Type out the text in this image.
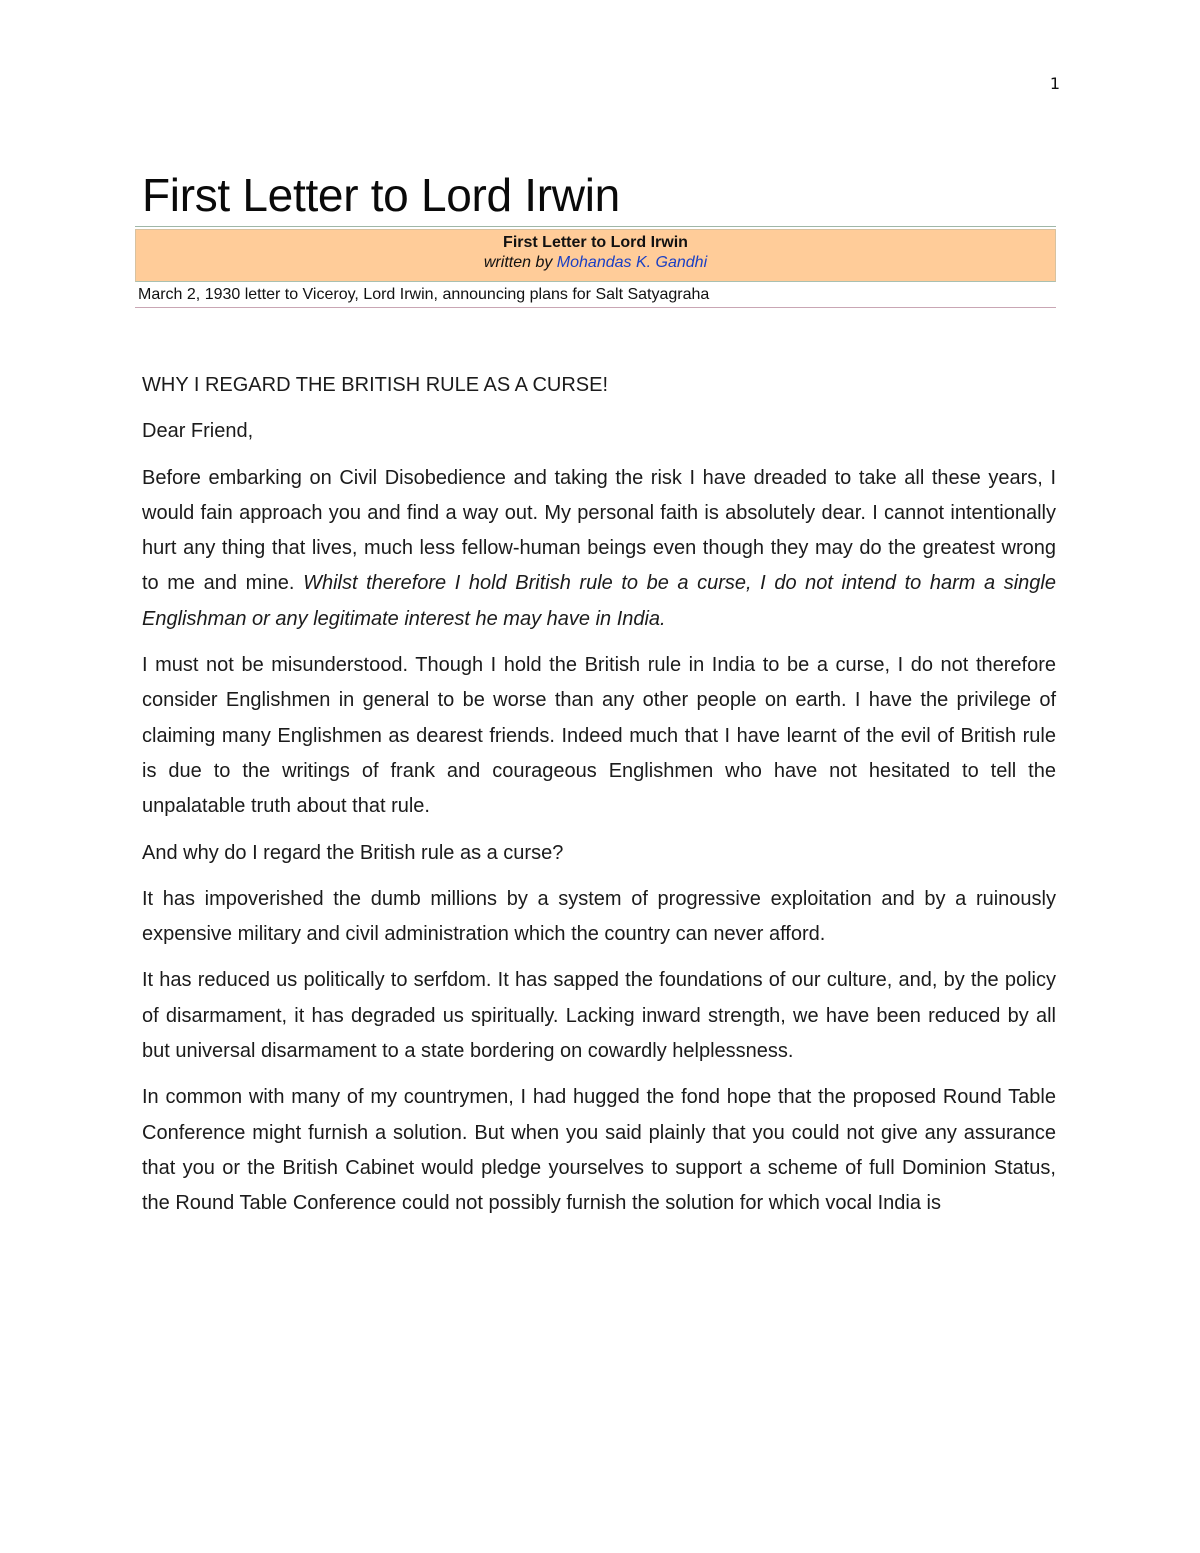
1
First Letter to Lord Irwin
First Letter to Lord Irwin
written by Mohandas K. Gandhi
March 2, 1930 letter to Viceroy, Lord Irwin, announcing plans for Salt Satyagraha

WHY I REGARD THE BRITISH RULE AS A CURSE!

Dear Friend,

Before embarking on Civil Disobedience and taking the risk I have dreaded to take all these years, I would fain approach you and find a way out. My personal faith is absolutely dear. I cannot intentionally hurt any thing that lives, much less fellow-human beings even though they may do the greatest wrong to me and mine. Whilst therefore I hold British rule to be a curse, I do not intend to harm a single Englishman or any legitimate interest he may have in India.

I must not be misunderstood. Though I hold the British rule in India to be a curse, I do not therefore consider Englishmen in general to be worse than any other people on earth. I have the privilege of claiming many Englishmen as dearest friends. Indeed much that I have learnt of the evil of British rule is due to the writings of frank and courageous Englishmen who have not hesitated to tell the unpalatable truth about that rule.

And why do I regard the British rule as a curse?

It has impoverished the dumb millions by a system of progressive exploitation and by a ruinously expensive military and civil administration which the country can never afford.

It has reduced us politically to serfdom. It has sapped the foundations of our culture, and, by the policy of disarmament, it has degraded us spiritually. Lacking inward strength, we have been reduced by all but universal disarmament to a state bordering on cowardly helplessness.

In common with many of my countrymen, I had hugged the fond hope that the proposed Round Table Conference might furnish a solution. But when you said plainly that you could not give any assurance that you or the British Cabinet would pledge yourselves to support a scheme of full Dominion Status, the Round Table Conference could not possibly furnish the solution for which vocal India is
